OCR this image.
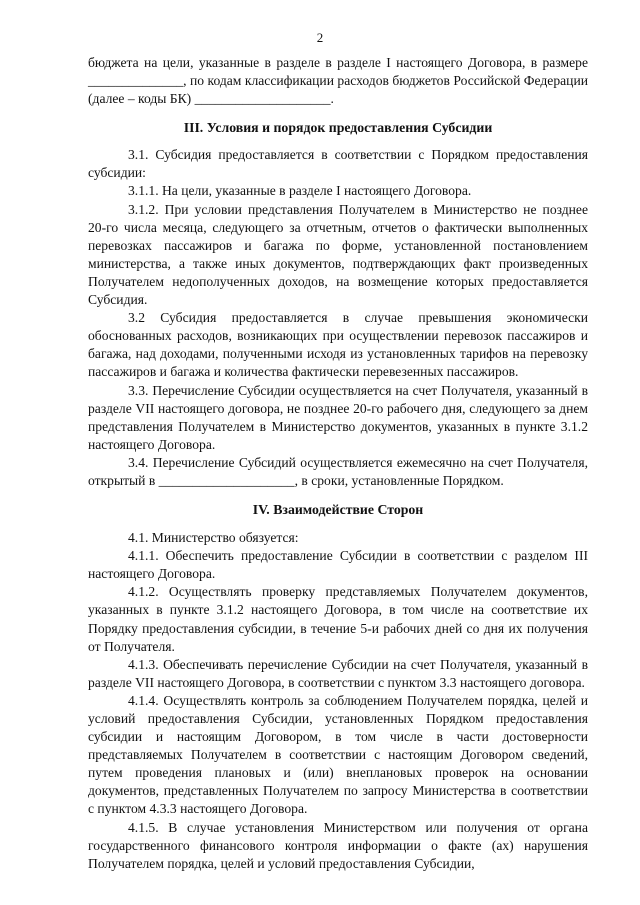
2

бюджета на цели, указанные в разделе в разделе I настоящего Договора, в размере ______________, по кодам классификации расходов бюджетов Российской Федерации (далее – коды БК) ____________________.

III. Условия и порядок предоставления Субсидии

3.1. Субсидия предоставляется в соответствии с Порядком предоставления субсидии:

3.1.1. На цели, указанные в разделе I настоящего Договора.

3.1.2. При условии представления Получателем в Министерство не позднее 20-го числа месяца, следующего за отчетным, отчетов о фактически выполненных перевозках пассажиров и багажа по форме, установленной постановлением министерства, а также иных документов, подтверждающих факт произведенных Получателем недополученных доходов, на возмещение которых предоставляется Субсидия.

3.2 Субсидия предоставляется в случае превышения экономически обоснованных расходов, возникающих при осуществлении перевозок пассажиров и багажа, над доходами, полученными исходя из установленных тарифов на перевозку пассажиров и багажа и количества фактически перевезенных пассажиров.

3.3. Перечисление Субсидии осуществляется на счет Получателя, указанный в разделе VII настоящего договора, не позднее 20-го рабочего дня, следующего за днем представления Получателем в Министерство документов, указанных в пункте 3.1.2 настоящего Договора.

3.4. Перечисление Субсидий осуществляется ежемесячно на счет Получателя, открытый в ____________________, в сроки, установленные Порядком.

IV. Взаимодействие Сторон

4.1. Министерство обязуется:

4.1.1. Обеспечить предоставление Субсидии в соответствии с разделом III настоящего Договора.

4.1.2. Осуществлять проверку представляемых Получателем документов, указанных в пункте 3.1.2 настоящего Договора, в том числе на соответствие их Порядку предоставления субсидии, в течение 5-и рабочих дней со дня их получения от Получателя.

4.1.3. Обеспечивать перечисление Субсидии на счет Получателя, указанный в разделе VII настоящего Договора, в соответствии с пунктом 3.3 настоящего договора.

4.1.4. Осуществлять контроль за соблюдением Получателем порядка, целей и условий предоставления Субсидии, установленных Порядком предоставления субсидии и настоящим Договором, в том числе в части достоверности представляемых Получателем в соответствии с настоящим Договором сведений, путем проведения плановых и (или) внеплановых проверок на основании документов, представленных Получателем по запросу Министерства в соответствии с пунктом 4.3.3 настоящего Договора.

4.1.5. В случае установления Министерством или получения от органа государственного финансового контроля информации о факте (ах) нарушения Получателем порядка, целей и условий предоставления Субсидии,
